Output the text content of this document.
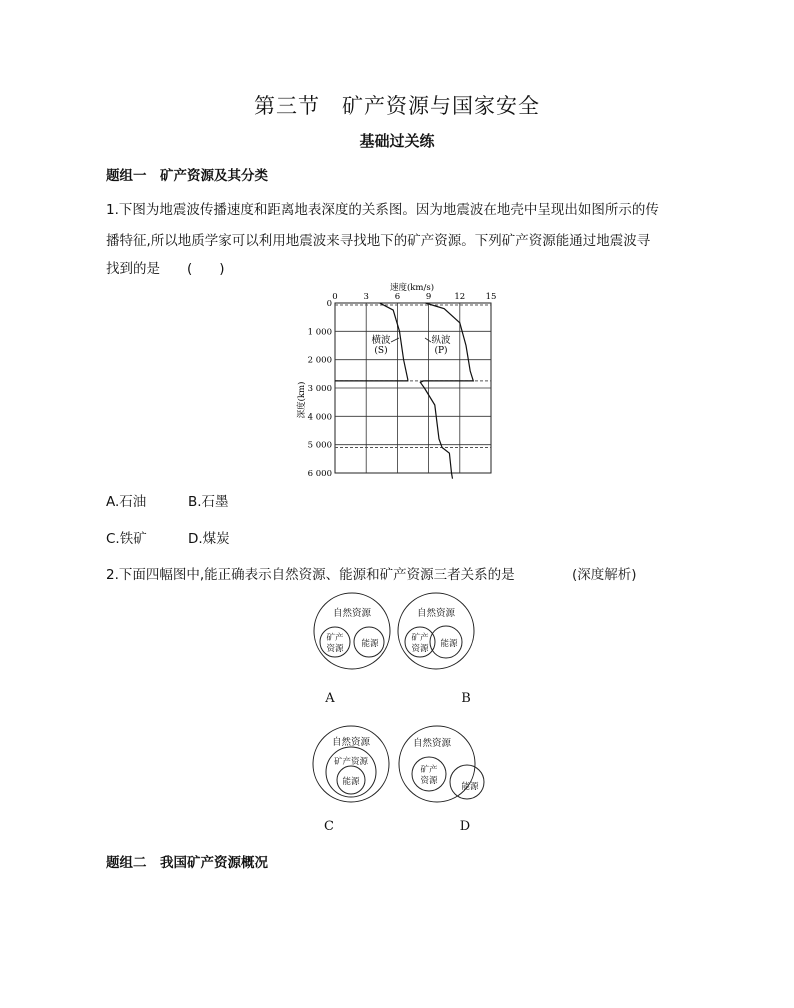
第三节　矿产资源与国家安全
基础过关练
题组一　矿产资源及其分类
1.下图为地震波传播速度和距离地表深度的关系图。因为地震波在地壳中呈现出如图所示的传
播特征,所以地质学家可以利用地震波来寻找地下的矿产资源。下列矿产资源能通过地震波寻
找到的是　　(　　)
0	3	6	9	12 15
0
1 000
2 000
3 000
4 000
5 000
6 000
速度(km/s)
深度(km)
横波
(S)
纵波
(P)
A.石油	B.石墨
C.铁矿	D.煤炭
2.下面四幅图中,能正确表示自然资源、能源和矿产资源三者关系的是	(深度解析)
自然资源
矿产
资源 能源
自然资源
矿产
资源 能源
自然资源
矿产资源
能源
自然资源
矿产
资源
能源
A	B
C	D
题组二　我国矿产资源概况
